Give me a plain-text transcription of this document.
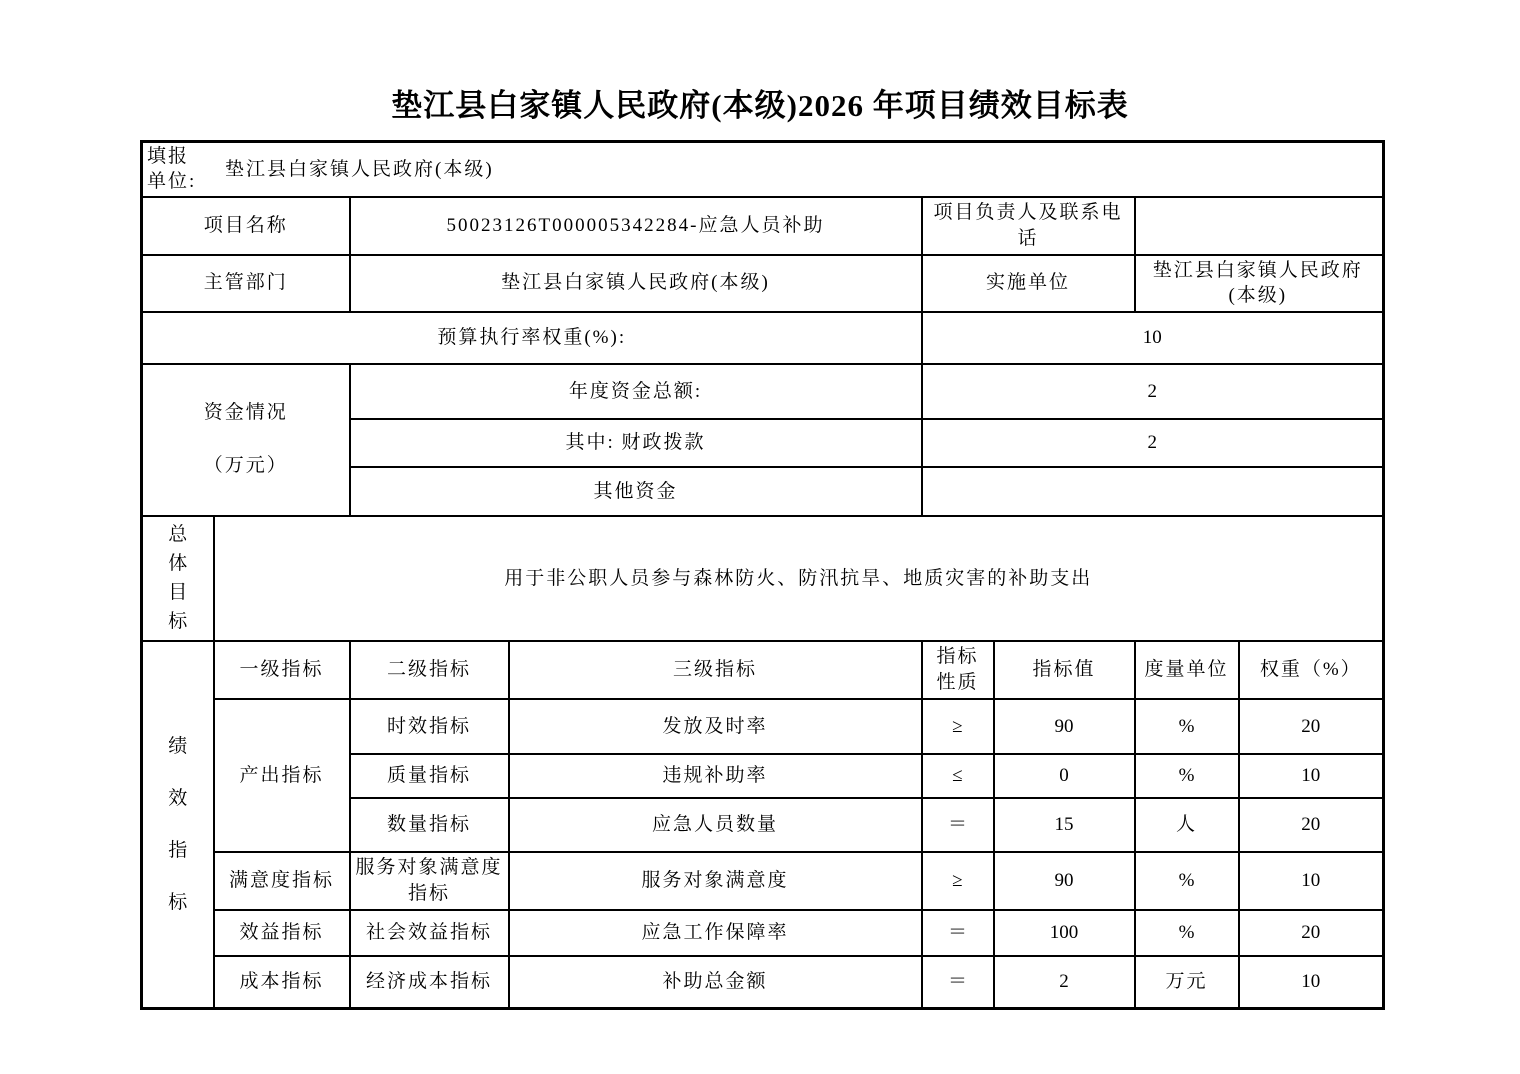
垫江县白家镇人民政府(本级)2026 年项目绩效目标表
填报单位:
垫江县白家镇人民政府(本级)							

项目名称		50023126T000005342284-应急人员补助		项目负责人及联系电话			
主管部门		垫江县白家镇人民政府(本级)		实施单位		垫江县白家镇人民政府(本级)	
预算执行率权重(%):				10			

资金情况
（万元）		年度资金总额:		2			
		其中: 财政拨款		2			
		其他资金					

总体目标	用于非公职人员参与森林防火、防汛抗旱、地质灾害的补助支出						

绩效指标	一级指标	二级指标	三级指标	指标性质	指标值	度量单位	权重（%）
	产出指标	时效指标	发放及时率	≥	90	%	20
		质量指标	违规补助率	≤	0	%	10
		数量指标	应急人员数量	＝	15	人	20
	满意度指标	服务对象满意度指标	服务对象满意度	≥	90	%	10
	效益指标	社会效益指标	应急工作保障率	＝	100	%	20
	成本指标	经济成本指标	补助总金额	＝	2	万元	10
